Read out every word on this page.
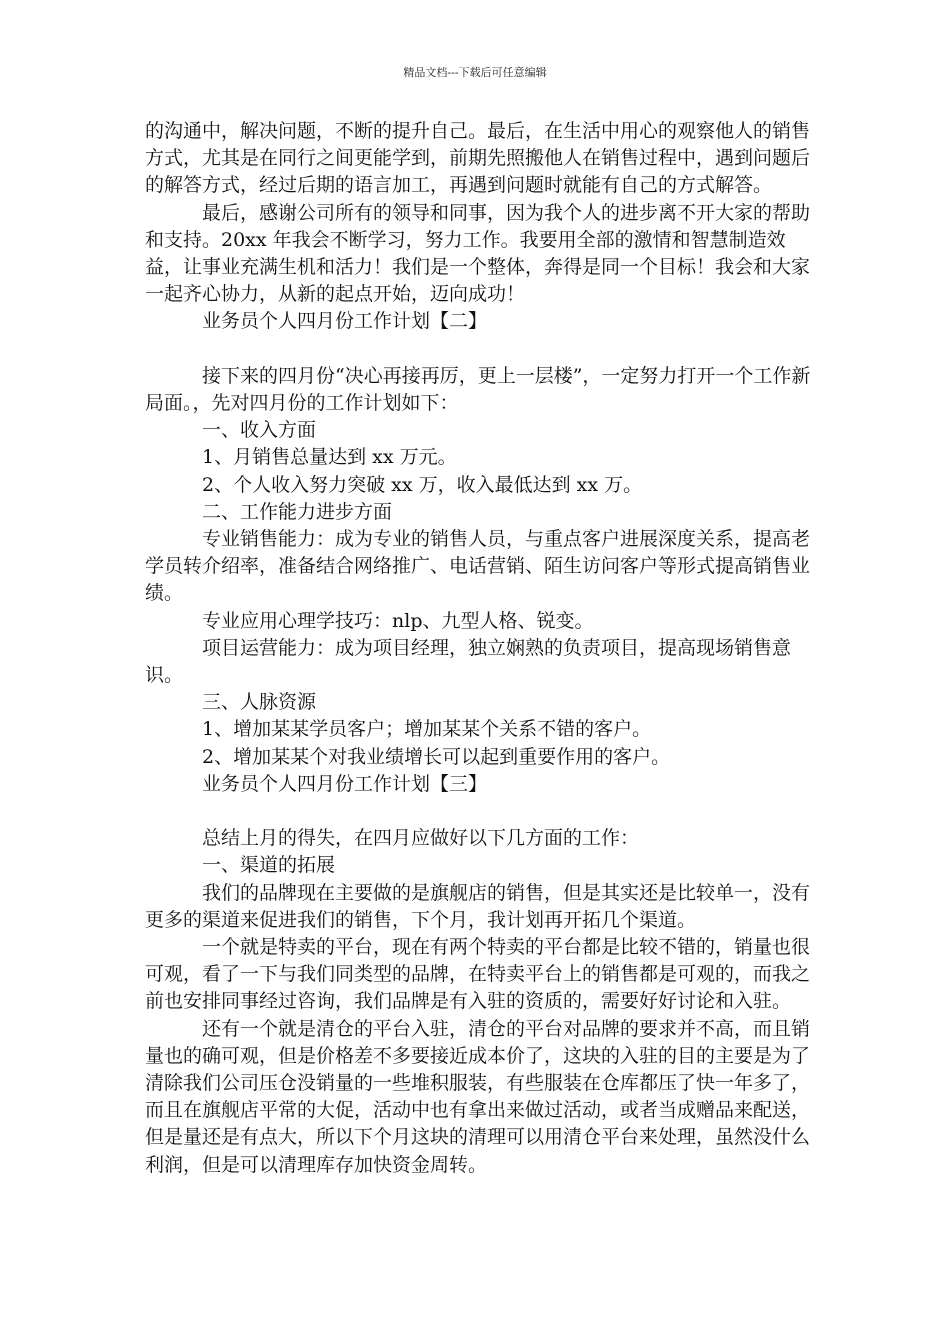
精品文档---下载后可任意编辑

的沟通中，解决问题，不断的提升自己。最后，在生活中用心的观察他人的销售方式，尤其是在同行之间更能学到，前期先照搬他人在销售过程中，遇到问题后的解答方式，经过后期的语言加工，再遇到问题时就能有自己的方式解答。

最后，感谢公司所有的领导和同事，因为我个人的进步离不开大家的帮助和支持。20xx 年我会不断学习，努力工作。我要用全部的激情和智慧制造效益，让事业充满生机和活力！我们是一个整体，奔得是同一个目标！我会和大家一起齐心协力，从新的起点开始，迈向成功！

业务员个人四月份工作计划【二】

接下来的四月份“决心再接再厉，更上一层楼”，一定努力打开一个工作新局面。，先对四月份的工作计划如下：

一、收入方面

1、月销售总量达到 xx 万元。

2、个人收入努力突破 xx 万，收入最低达到 xx 万。

二、工作能力进步方面

专业销售能力：成为专业的销售人员，与重点客户进展深度关系，提高老学员转介绍率，准备结合网络推广、电话营销、陌生访问客户等形式提高销售业绩。

专业应用心理学技巧：nlp、九型人格、锐变。

项目运营能力：成为项目经理，独立娴熟的负责项目，提高现场销售意识。

三、人脉资源

1、增加某某学员客户；增加某某个关系不错的客户。

2、增加某某个对我业绩增长可以起到重要作用的客户。

业务员个人四月份工作计划【三】

总结上月的得失，在四月应做好以下几方面的工作：

一、渠道的拓展

我们的品牌现在主要做的是旗舰店的销售，但是其实还是比较单一，没有更多的渠道来促进我们的销售，下个月，我计划再开拓几个渠道。

一个就是特卖的平台，现在有两个特卖的平台都是比较不错的，销量也很可观，看了一下与我们同类型的品牌，在特卖平台上的销售都是可观的，而我之前也安排同事经过咨询，我们品牌是有入驻的资质的，需要好好讨论和入驻。

还有一个就是清仓的平台入驻，清仓的平台对品牌的要求并不高，而且销量也的确可观，但是价格差不多要接近成本价了，这块的入驻的目的主要是为了清除我们公司压仓没销量的一些堆积服装，有些服装在仓库都压了快一年多了，而且在旗舰店平常的大促，活动中也有拿出来做过活动，或者当成赠品来配送，但是量还是有点大，所以下个月这块的清理可以用清仓平台来处理，虽然没什么利润，但是可以清理库存加快资金周转。
